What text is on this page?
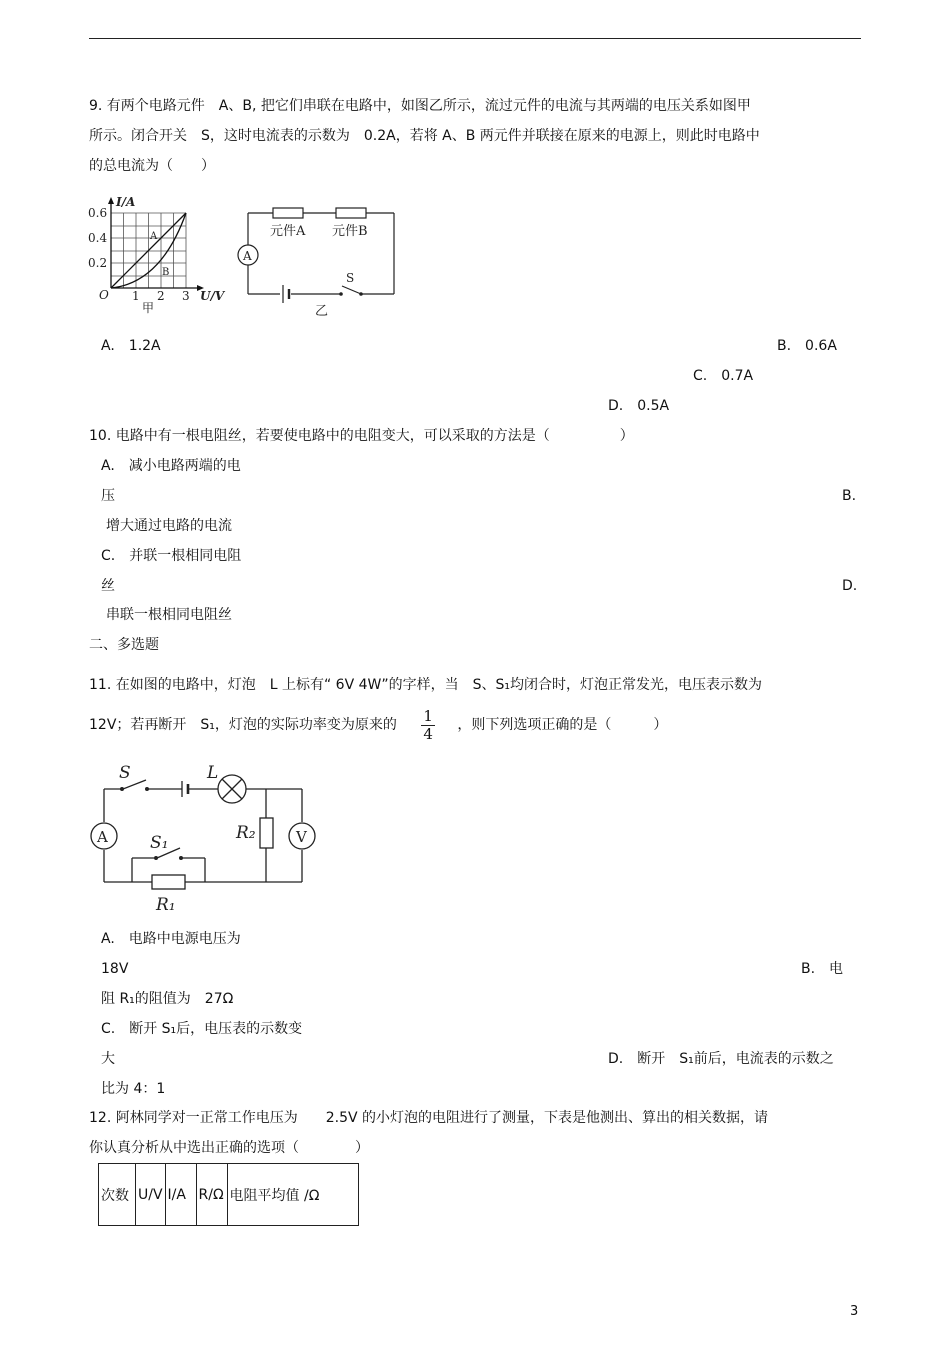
9. 有两个电路元件　A、B, 把它们串联在电路中，如图乙所示，流过元件的电流与其两端的电压关系如图甲
所示。闭合开关　S，这时电流表的示数为　0.2A，若将 A、B 两元件并联接在原来的电源上，则此时电路中
的总电流为（　　）
I/A
0.6
0.4
0.2
O 1 2 3 U/V
A
B
甲
A
元件A 元件B
S
乙
A.　1.2A	B.　0.6A
C.　0.7A
D.　0.5A
10. 电路中有一根电阻丝，若要使电路中的电阻变大，可以采取的方法是（　　　　　）
A.　减小电路两端的电
压	B.
增大通过电路的电流
C.　并联一根相同电阻
丝	D.
串联一根相同电阻丝
二、多选题
11. 在如图的电路中，灯泡　L 上标有“ 6V 4W”的字样，当　S、S₁均闭合时，灯泡正常发光，电压表示数为
12V；若再断开　S₁，灯泡的实际功率变为原来的 $\frac{1}{4}$ ，则下列选项正确的是（　　　）
S	L
A S₁	R₂	V
R₁
A.　电路中电源电压为
18V	B.　电
阻 R₁的阻值为　27Ω
C.　断开 S₁后，电压表的示数变
大	D.　断开　S₁前后，电流表的示数之
比为 4：1
12. 阿林同学对一正常工作电压为　　2.5V 的小灯泡的电阻进行了测量，下表是他测出、算出的相关数据，请
你认真分析从中选出正确的选项（　　　　）
次数	U/V	I/A	R/Ω	电阻平均值 /Ω
3
